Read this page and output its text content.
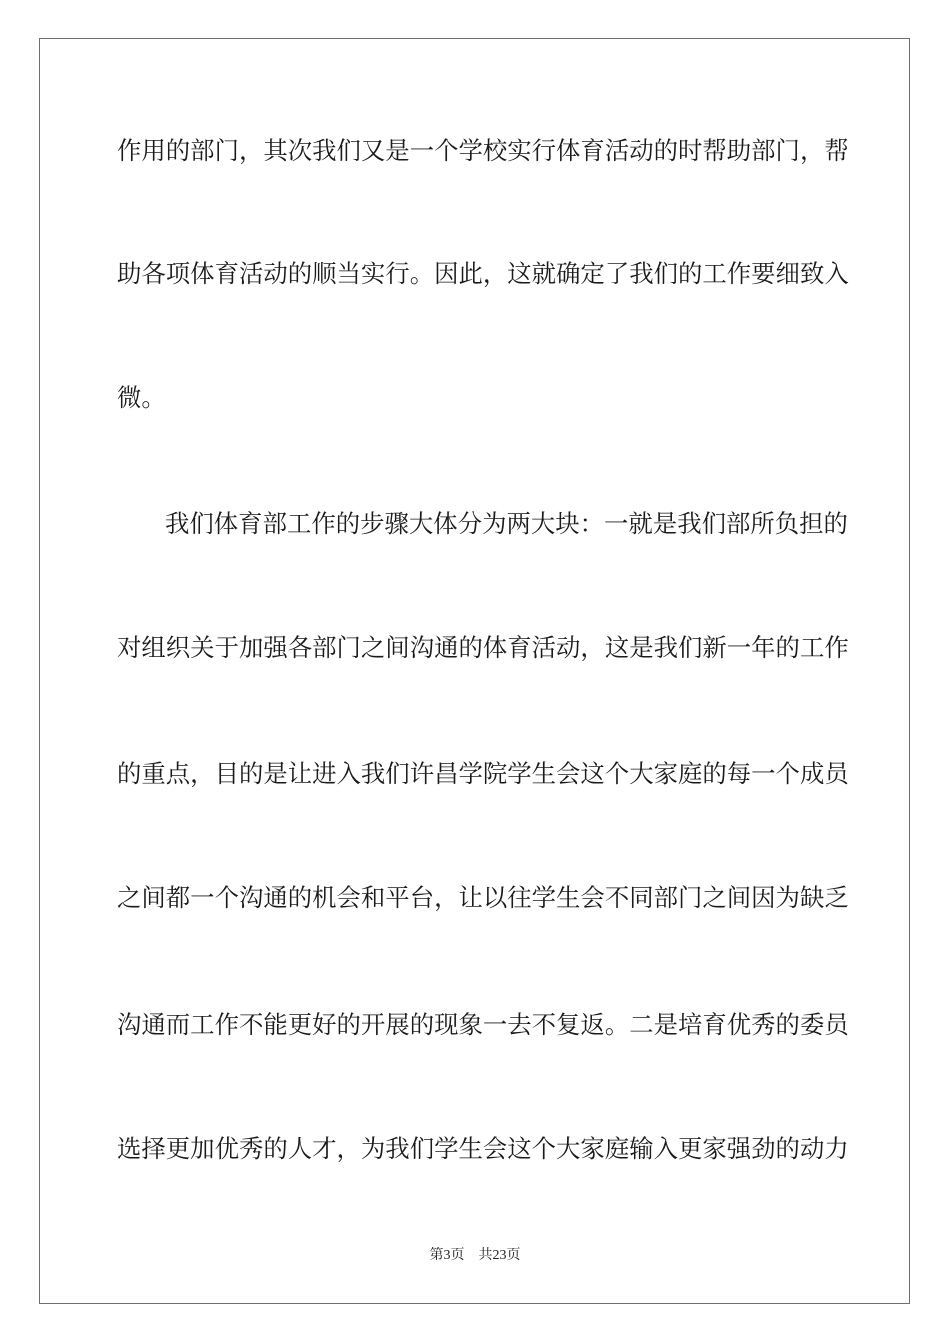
作用的部门，其次我们又是一个学校实行体育活动的时帮助部门，帮
助各项体育活动的顺当实行。因此，这就确定了我们的工作要细致入
微。
我们体育部工作的步骤大体分为两大块：一就是我们部所负担的
对组织关于加强各部门之间沟通的体育活动，这是我们新一年的工作
的重点，目的是让进入我们许昌学院学生会这个大家庭的每一个成员
之间都一个沟通的机会和平台，让以往学生会不同部门之间因为缺乏
沟通而工作不能更好的开展的现象一去不复返。二是培育优秀的委员
选择更加优秀的人才，为我们学生会这个大家庭输入更家强劲的动力
第3页 共23页
